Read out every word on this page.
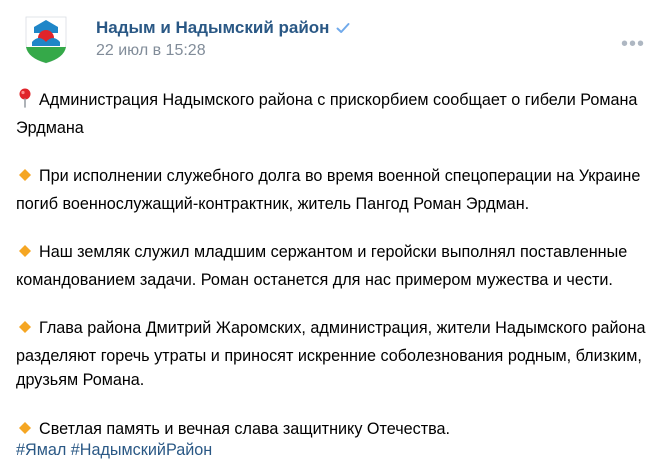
Надым и Надымский район
22 июл в 15:28	•••

Администрация Надымского района с прискорбием сообщает о гибели Романа Эрдмана

При исполнении служебного долга во время военной спецоперации на Украине погиб военнослужащий-контрактник, житель Пангод Роман Эрдман.

Наш земляк служил младшим сержантом и геройски выполнял поставленные командованием задачи. Роман останется для нас примером мужества и чести.

Глава района Дмитрий Жаромских, администрация, жители Надымского района разделяют горечь утраты и приносят искренние соболезнования родным, близким, друзьям Романа.

Светлая память и вечная слава защитнику Отечества.

#Ямал #НадымскийРайон
